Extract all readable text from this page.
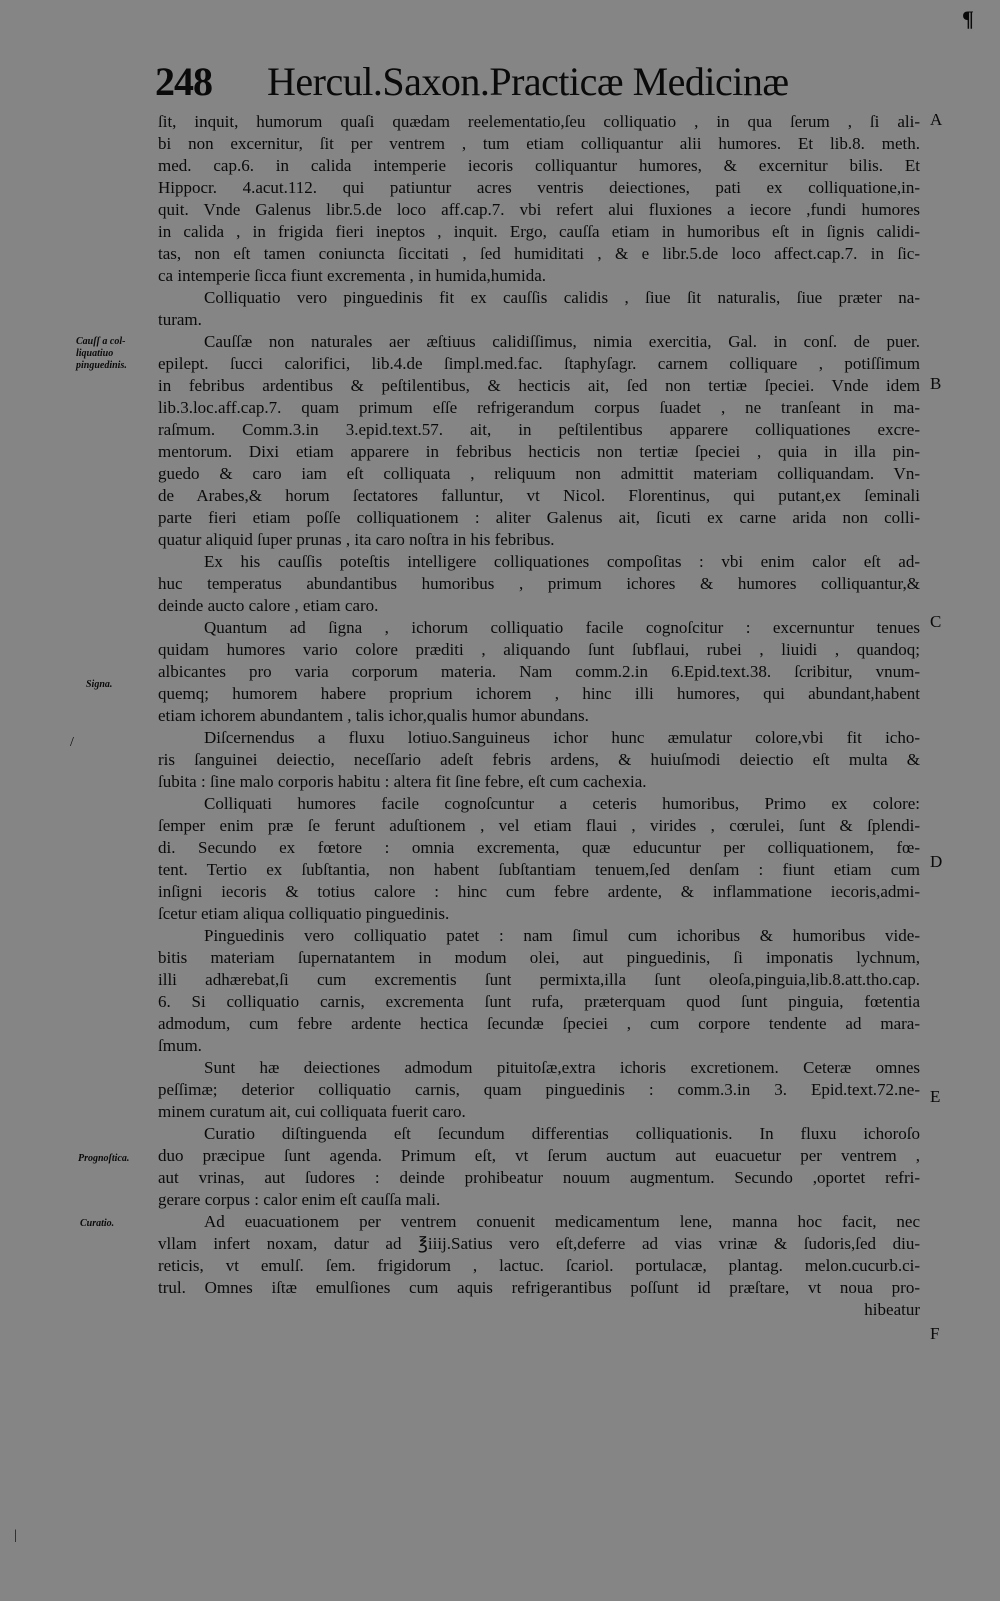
¶
/
|
248 Hercul.Saxon.Practicæ Medicinæ
Cauſſ a col- liquatiuo pinguedinis.
Signa.
Prognoſtica.
Curatio.
A
B
C
D
E
F
ſit, inquit, humorum quaſi quædam reelementatio,ſeu colliquatio , in qua ſerum , ſi ali-
bi non excernitur, ſit per ventrem , tum etiam colliquantur alii humores. Et lib.8. meth.
med. cap.6. in calida intemperie iecoris colliquantur humores, & excernitur bilis. Et
Hippocr. 4.acut.112. qui patiuntur acres ventris deiectiones, pati ex colliquatione,in-
quit. Vnde Galenus libr.5.de loco aff.cap.7. vbi refert alui fluxiones a iecore ,fundi humores
in calida , in frigida fieri ineptos , inquit. Ergo, cauſſa etiam in humoribus eſt in ſignis calidi-
tas, non eſt tamen coniuncta ſiccitati , ſed humiditati , & e libr.5.de loco affect.cap.7. in ſic-
ca intemperie ſicca fiunt excrementa , in humida,humida.
Colliquatio vero pinguedinis fit ex cauſſis calidis , ſiue ſit naturalis, ſiue præter na-
turam.
Cauſſæ non naturales aer æſtiuus calidiſſimus, nimia exercitia, Gal. in conſ. de puer.
epilept. ſucci calorifici, lib.4.de ſimpl.med.fac. ſtaphyſagr. carnem colliquare , potiſſimum
in febribus ardentibus & peſtilentibus, & hecticis ait, ſed non tertiæ ſpeciei. Vnde idem
lib.3.loc.aff.cap.7. quam primum eſſe refrigerandum corpus ſuadet , ne tranſeant in ma-
raſmum. Comm.3.in 3.epid.text.57. ait, in peſtilentibus apparere colliquationes excre-
mentorum. Dixi etiam apparere in febribus hecticis non tertiæ ſpeciei , quia in illa pin-
guedo & caro iam eſt colliquata , reliquum non admittit materiam colliquandam. Vn-
de Arabes,& horum ſectatores falluntur, vt Nicol. Florentinus, qui putant,ex ſeminali
parte fieri etiam poſſe colliquationem : aliter Galenus ait, ſicuti ex carne arida non colli-
quatur aliquid ſuper prunas , ita caro noſtra in his febribus.
Ex his cauſſis poteſtis intelligere colliquationes compoſitas : vbi enim calor eſt ad-
huc temperatus abundantibus humoribus , primum ichores & humores colliquantur,&
deinde aucto calore , etiam caro.
Quantum ad ſigna , ichorum colliquatio facile cognoſcitur : excernuntur tenues
quidam humores vario colore præditi , aliquando ſunt ſubflaui, rubei , liuidi , quandoq;
albicantes pro varia corporum materia. Nam comm.2.in 6.Epid.text.38. ſcribitur, vnum-
quemq; humorem habere proprium ichorem , hinc illi humores, qui abundant,habent
etiam ichorem abundantem , talis ichor,qualis humor abundans.
Diſcernendus a fluxu lotiuo.Sanguineus ichor hunc æmulatur colore,vbi fit icho-
ris ſanguinei deiectio, neceſſario adeſt febris ardens, & huiuſmodi deiectio eſt multa &
ſubita : ſine malo corporis habitu : altera fit ſine febre, eſt cum cachexia.
Colliquati humores facile cognoſcuntur a ceteris humoribus, Primo ex colore:
ſemper enim præ ſe ferunt aduſtionem , vel etiam flaui , virides , cœrulei, ſunt & ſplendi-
di. Secundo ex fœtore : omnia excrementa, quæ educuntur per colliquationem, fœ-
tent. Tertio ex ſubſtantia, non habent ſubſtantiam tenuem,ſed denſam : fiunt etiam cum
inſigni iecoris & totius calore : hinc cum febre ardente, & inflammatione iecoris,admi-
ſcetur etiam aliqua colliquatio pinguedinis.
Pinguedinis vero colliquatio patet : nam ſimul cum ichoribus & humoribus vide-
bitis materiam ſupernatantem in modum olei, aut pinguedinis, ſi imponatis lychnum,
illi adhærebat,ſi cum excrementis ſunt permixta,illa ſunt oleoſa,pinguia,lib.8.att.tho.cap.
6. Si colliquatio carnis, excrementa ſunt rufa, præterquam quod ſunt pinguia, fœtentia
admodum, cum febre ardente hectica ſecundæ ſpeciei , cum corpore tendente ad mara-
ſmum.
Sunt hæ deiectiones admodum pituitoſæ,extra ichoris excretionem. Ceteræ omnes
peſſimæ; deterior colliquatio carnis, quam pinguedinis : comm.3.in 3. Epid.text.72.ne-
minem curatum ait, cui colliquata fuerit caro.
Curatio diſtinguenda eſt ſecundum differentias colliquationis. In fluxu ichoroſo
duo præcipue ſunt agenda. Primum eſt, vt ſerum auctum aut euacuetur per ventrem ,
aut vrinas, aut ſudores : deinde prohibeatur nouum augmentum. Secundo ,oportet refri-
gerare corpus : calor enim eſt cauſſa mali.
Ad euacuationem per ventrem conuenit medicamentum lene, manna hoc facit, nec
vllam infert noxam, datur ad ℥iiij.Satius vero eſt,deferre ad vias vrinæ & ſudoris,ſed diu-
reticis, vt emulſ. ſem. frigidorum , lactuc. ſcariol. portulacæ, plantag. melon.cucurb.ci-
trul. Omnes iſtæ emulſiones cum aquis refrigerantibus poſſunt id præſtare, vt noua pro-
hibeatur
